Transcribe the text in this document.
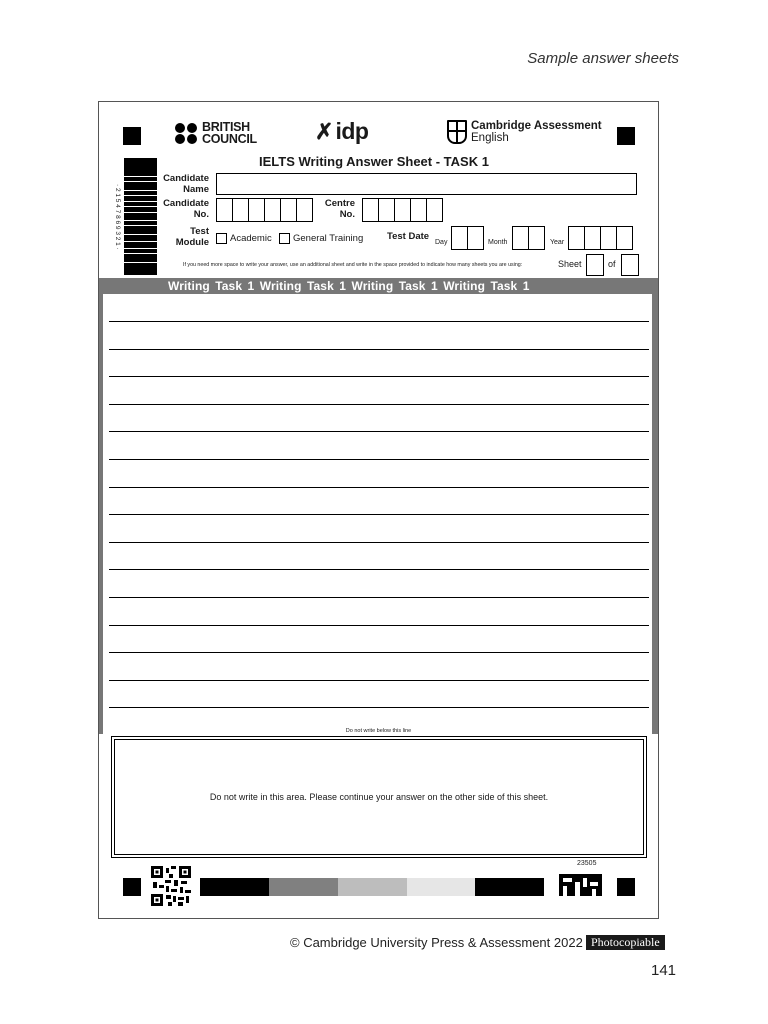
Sample answer sheets
BRITISH
COUNCIL	✗ idp	Cambridge Assessment
English
IELTS Writing Answer Sheet - TASK 1
· 2 1 5 4 7 8 6 9 3 2 1 ·
Candidate
Name
Candidate
No.
Centre
No.
Test
Module Academic General Training	Test Date
Day	Month	Year
If you need more space to write your answer, use an additional sheet and write in the space provided to indicate how many sheets you are using:	Sheet	of
Writing Task 1 Writing Task 1 Writing Task 1 Writing Task 1
Do not write below this line
Do not write in this area. Please continue your answer on the other side of this sheet.
23505
© Cambridge University Press & Assessment 2022 Photocopiable
141
